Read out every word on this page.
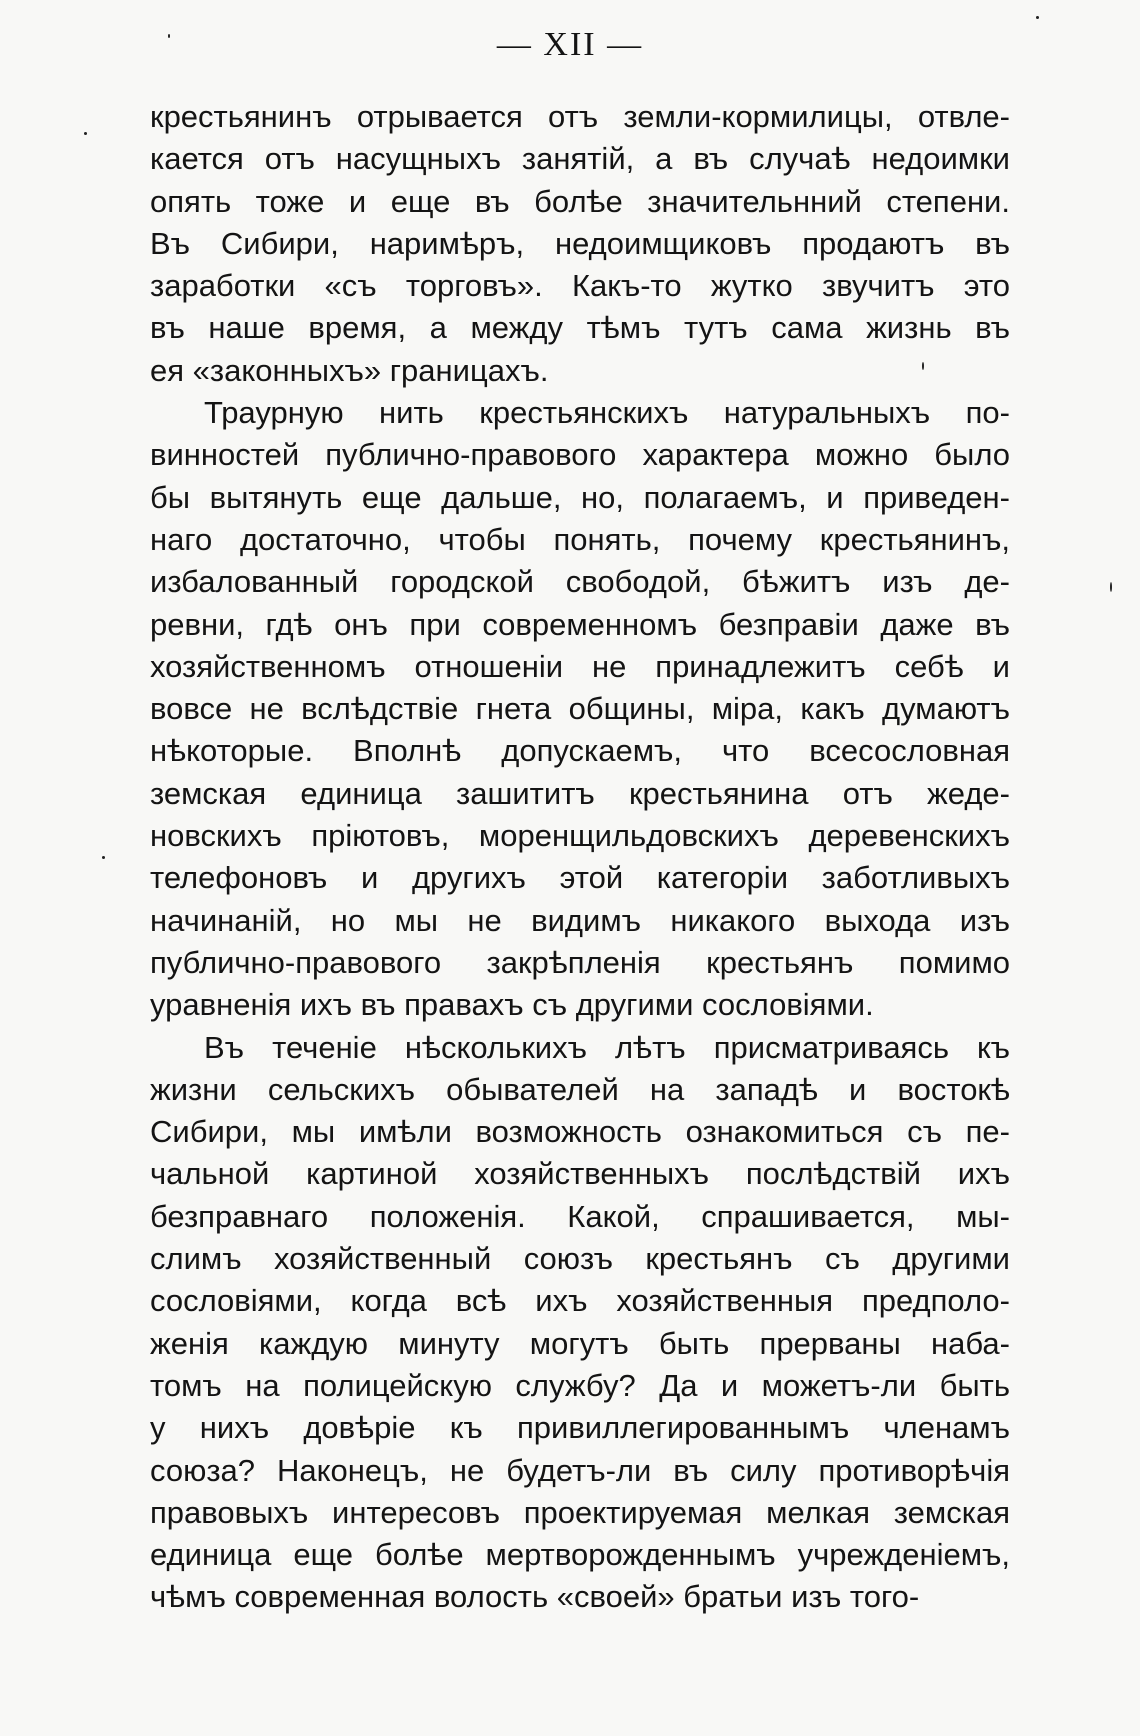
— XII —
крестьянинъ отрывается отъ земли-кормилицы, отвле-
кается отъ насущныхъ занятій, а въ случаѣ недоимки
опять тоже и еще въ болѣе значительнний степени.
Въ Сибири, наримѣръ, недоимщиковъ продаютъ въ
заработки «съ торговъ». Какъ-то жутко звучитъ это
въ наше время, а между тѣмъ тутъ сама жизнь въ
ея «законныхъ» границахъ.
Траурную нить крестьянскихъ натуральныхъ по-
винностей публично-правового характера можно было
бы вытянуть еще дальше, но, полагаемъ, и приведен-
наго достаточно, чтобы понять, почему крестьянинъ,
избалованный городской свободой, бѣжитъ изъ де-
ревни, гдѣ онъ при современномъ безправіи даже въ
хозяйственномъ отношеніи не принадлежитъ себѣ и
вовсе не вслѣдствіе гнета общины, міра, какъ думаютъ
нѣкоторые. Вполнѣ допускаемъ, что всесословная
земская единица зашититъ крестьянина отъ жеде-
новскихъ пріютовъ, моренщильдовскихъ деревенскихъ
телефоновъ и другихъ этой категоріи заботливыхъ
начинаній, но мы не видимъ никакого выхода изъ
публично-правового закрѣпленія крестьянъ помимо
уравненія ихъ въ правахъ съ другими сословіями.
Въ теченіе нѣсколькихъ лѣтъ присматриваясь къ
жизни сельскихъ обывателей на западѣ и востокѣ
Сибири, мы имѣли возможность ознакомиться съ пе-
чальной картиной хозяйственныхъ послѣдствій ихъ
безправнаго положенія. Какой, спрашивается, мы-
слимъ хозяйственный союзъ крестьянъ съ другими
сословіями, когда всѣ ихъ хозяйственныя предполо-
женія каждую минуту могутъ быть прерваны наба-
томъ на полицейскую службу? Да и можетъ-ли быть
у нихъ довѣріе къ привиллегированнымъ членамъ
союза? Наконецъ, не будетъ-ли въ силу противорѣчія
правовыхъ интересовъ проектируемая мелкая земская
единица еще болѣе мертворожденнымъ учрежденіемъ,
чѣмъ современная волость «своей» братьи изъ того-
